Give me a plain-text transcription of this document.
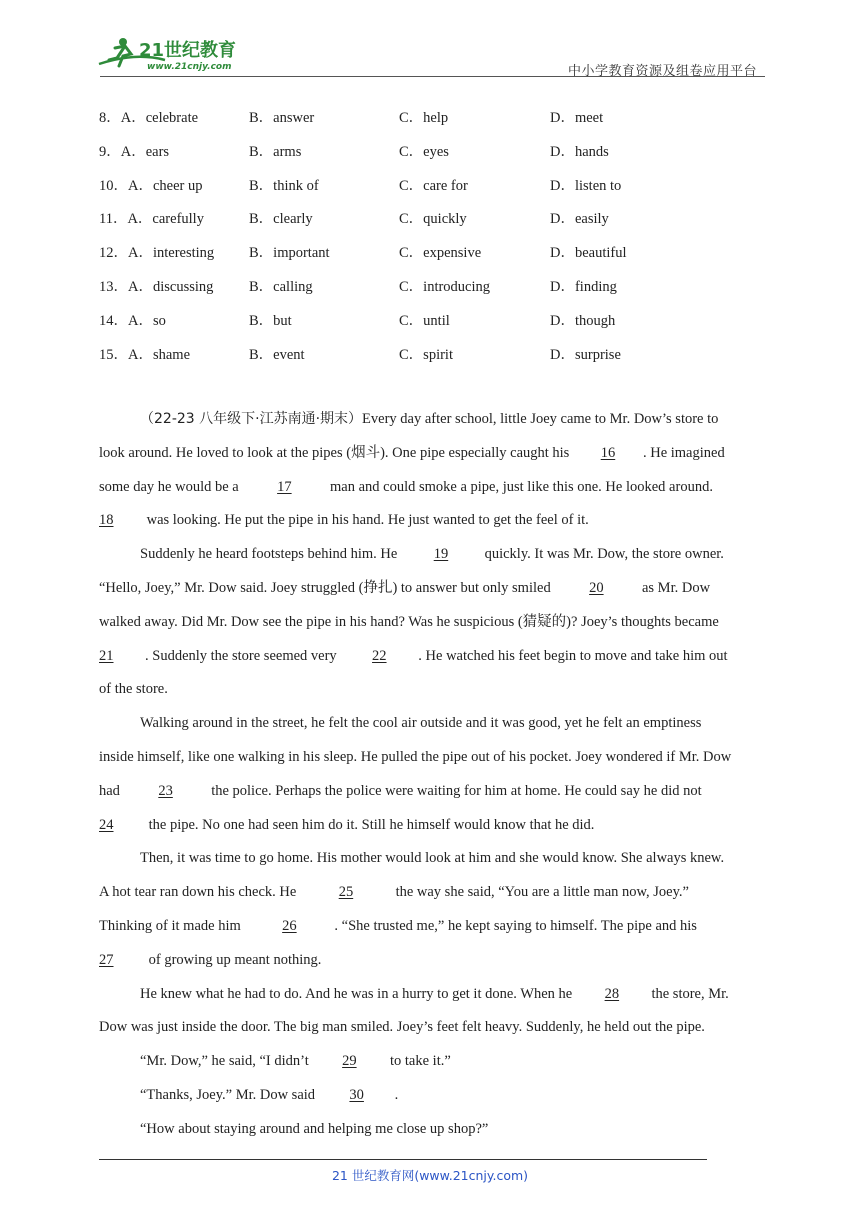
21世纪教育
www.21cnjy.com	中小学教育资源及组卷应用平台
8．A．celebrate	B．answer	C．help	D．meet
9．A．ears	B．arms	C．eyes	D．hands
10．A．cheer up	B．think of	C．care for	D．listen to
11．A．carefully	B．clearly	C．quickly	D．easily
12．A．interesting B．important	C．expensive	D．beautiful
13．A．discussing B．calling	C．introducing	D．finding
14．A．so	B．but	C．until	D．though
15．A．shame	B．event	C．spirit	D．surprise
（22-23 八年级下·江苏南通·期末）Every day after school, little Joey came to Mr. Dow’s store to
look around. He loved to look at the pipes (烟斗). One pipe especially caught his 16 . He imagined
some day he would be a 17 man and could smoke a pipe, just like this one. He looked around.
18 was looking. He put the pipe in his hand. He just wanted to get the feel of it.
Suddenly he heard footsteps behind him. He 19 quickly. It was Mr. Dow, the store owner.
“Hello, Joey,” Mr. Dow said. Joey struggled (挣扎) to answer but only smiled 20 as Mr. Dow
walked away. Did Mr. Dow see the pipe in his hand? Was he suspicious (猜疑的)? Joey’s thoughts became
21 . Suddenly the store seemed very 22 . He watched his feet begin to move and take him out
of the store.
Walking around in the street, he felt the cool air outside and it was good, yet he felt an emptiness
inside himself, like one walking in his sleep. He pulled the pipe out of his pocket. Joey wondered if Mr. Dow
had 23 the police. Perhaps the police were waiting for him at home. He could say he did not
24 the pipe. No one had seen him do it. Still he himself would know that he did.
Then, it was time to go home. His mother would look at him and she would know. She always knew.
A hot tear ran down his check. He	25	the way she said, “You are a little man now, Joey.”
Thinking of it made him	26	. “She trusted me,” he kept saying to himself. The pipe and his
27 of growing up meant nothing.
He knew what he had to do. And he was in a hurry to get it done. When he 28 the store, Mr.
Dow was just inside the door. The big man smiled. Joey’s feet felt heavy. Suddenly, he held out the pipe.
“Mr. Dow,” he said, “I didn’t 29 to take it.”
“Thanks, Joey.” Mr. Dow said 30 .
“How about staying around and helping me close up shop?”
21 世纪教育网(www.21cnjy.com)
